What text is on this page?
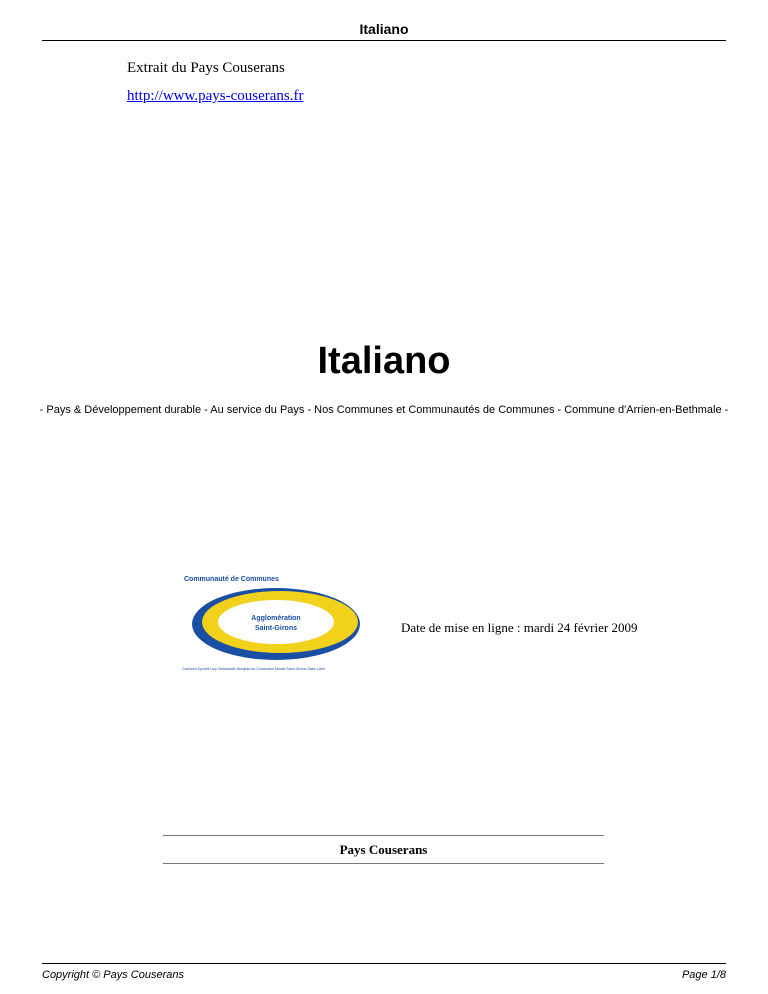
Italiano
Extrait du Pays Couserans
http://www.pays-couserans.fr
Italiano
- Pays & Développement durable - Au service du Pays - Nos Communes et Communautés de Communes - Commune d'Arrien-en-Bethmale -
Communauté de Communes
Agglomération
Saint-Girons
Caumont Eycheil Lorp-Sentaraille Montjoie-en-Couserans Moulis Saint-Girons Saint-Lizier
Date de mise en ligne : mardi 24 février 2009
Pays Couserans
Copyright © Pays Couserans	Page 1/8
